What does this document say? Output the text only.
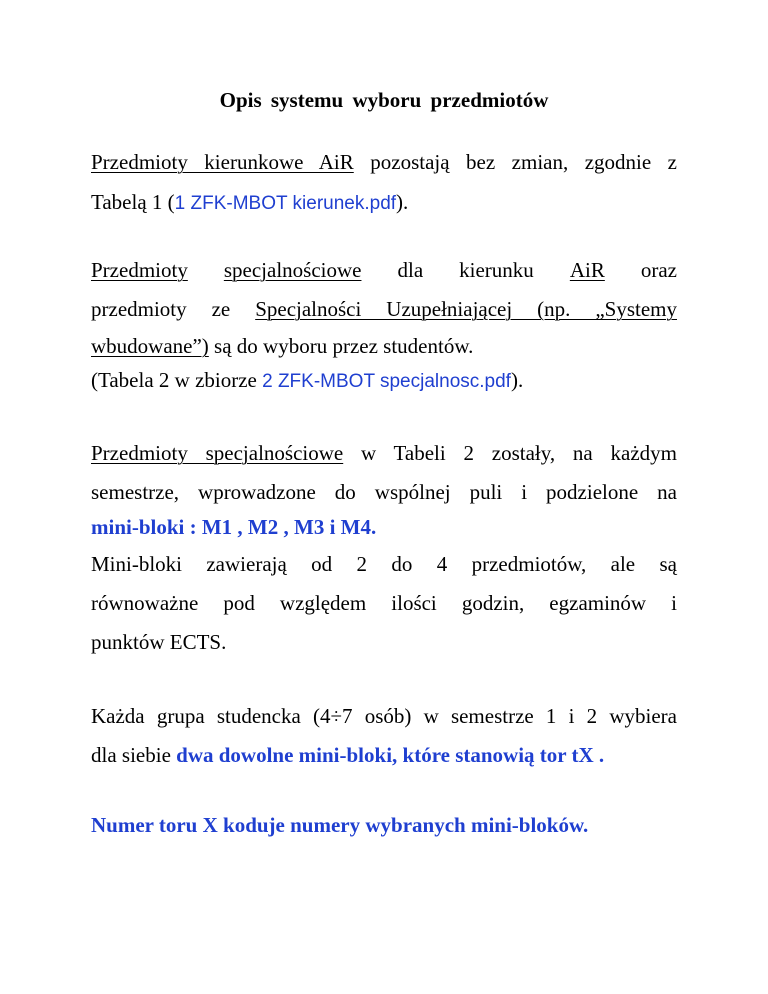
Opis systemu wyboru przedmiotów
Przedmioty kierunkowe AiR pozostają bez zmian, zgodnie z
Tabelą 1 (1 ZFK-MBOT kierunek.pdf).
Przedmioty specjalnościowe dla kierunku AiR oraz
przedmioty ze Specjalności Uzupełniającej (np. „Systemy
wbudowane”) są do wyboru przez studentów.
(Tabela 2 w zbiorze 2 ZFK-MBOT specjalnosc.pdf).
Przedmioty specjalnościowe w Tabeli 2 zostały, na każdym
semestrze, wprowadzone do wspólnej puli i podzielone na
mini-bloki : M1 , M2 , M3 i M4.
Mini-bloki zawierają od 2 do 4 przedmiotów, ale są
równoważne pod względem ilości godzin, egzaminów i
punktów ECTS.
Każda grupa studencka (4÷7 osób) w semestrze 1 i 2 wybiera
dla siebie dwa dowolne mini-bloki, które stanowią tor tX .
Numer toru X koduje numery wybranych mini-bloków.
